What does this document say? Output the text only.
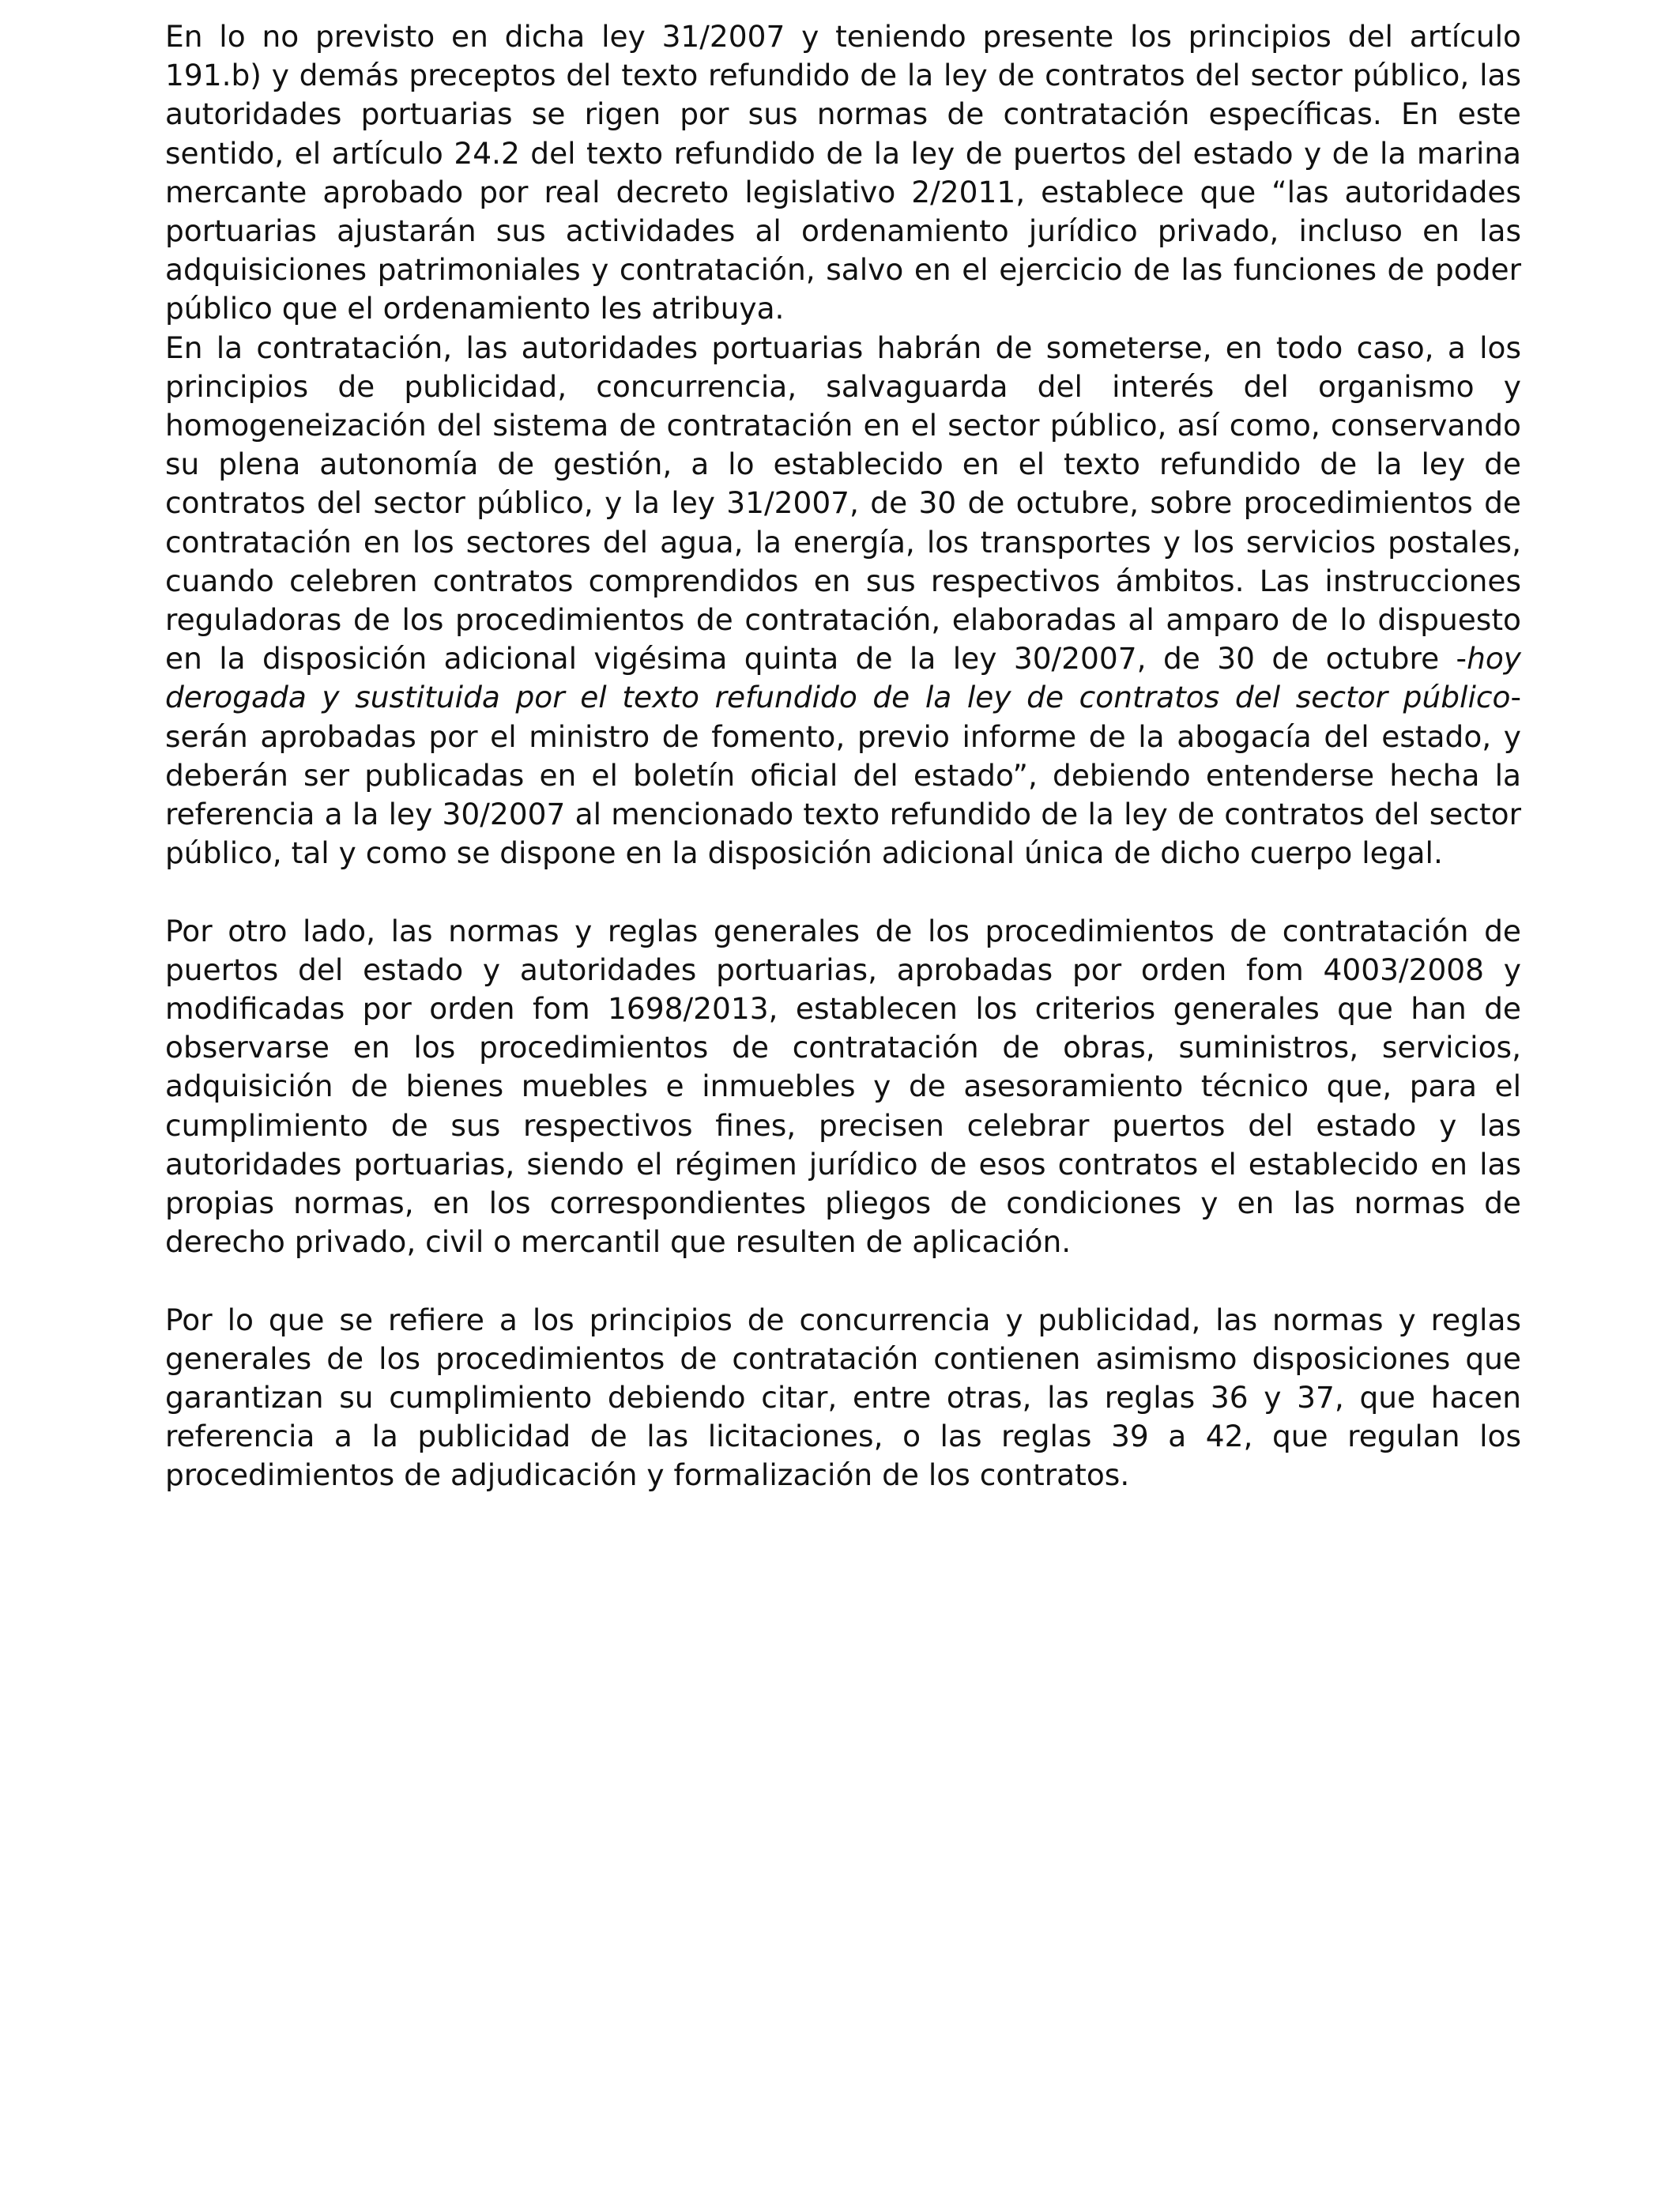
En lo no previsto en dicha ley 31/2007 y teniendo presente los principios del artículo 191.b) y demás preceptos del texto refundido de la ley de contratos del sector público, las autoridades portuarias se rigen por sus normas de contratación específicas. En este sentido, el artículo 24.2 del texto refundido de la ley de puertos del estado y de la marina mercante aprobado por real decreto legislativo 2/2011, establece que “las autoridades portuarias ajustarán sus actividades al ordenamiento jurídico privado, incluso en las adquisiciones patrimoniales y contratación, salvo en el ejercicio de las funciones de poder público que el ordenamiento les atribuya.

En la contratación, las autoridades portuarias habrán de someterse, en todo caso, a los principios de publicidad, concurrencia, salvaguarda del interés del organismo y homogeneización del sistema de contratación en el sector público, así como, conservando su plena autonomía de gestión, a lo establecido en el texto refundido de la ley de contratos del sector público, y la ley 31/2007, de 30 de octubre, sobre procedimientos de contratación en los sectores del agua, la energía, los transportes y los servicios postales, cuando celebren contratos comprendidos en sus respectivos ámbitos. Las instrucciones reguladoras de los procedimientos de contratación, elaboradas al amparo de lo dispuesto en la disposición adicional vigésima quinta de la ley 30/2007, de 30 de octubre -hoy derogada y sustituida por el texto refundido de la ley de contratos del sector público- serán aprobadas por el ministro de fomento, previo informe de la abogacía del estado, y deberán ser publicadas en el boletín oficial del estado”, debiendo entenderse hecha la referencia a la ley 30/2007 al mencionado texto refundido de la ley de contratos del sector público, tal y como se dispone en la disposición adicional única de dicho cuerpo legal.

Por otro lado, las normas y reglas generales de los procedimientos de contratación de puertos del estado y autoridades portuarias, aprobadas por orden fom 4003/2008 y modificadas por orden fom 1698/2013, establecen los criterios generales que han de observarse en los procedimientos de contratación de obras, suministros, servicios, adquisición de bienes muebles e inmuebles y de asesoramiento técnico que, para el cumplimiento de sus respectivos fines, precisen celebrar puertos del estado y las autoridades portuarias, siendo el régimen jurídico de esos contratos el establecido en las propias normas, en los correspondientes pliegos de condiciones y en las normas de derecho privado, civil o mercantil que resulten de aplicación.

Por lo que se refiere a los principios de concurrencia y publicidad, las normas y reglas generales de los procedimientos de contratación contienen asimismo disposiciones que garantizan su cumplimiento debiendo citar, entre otras, las reglas 36 y 37, que hacen referencia a la publicidad de las licitaciones, o las reglas 39 a 42, que regulan los procedimientos de adjudicación y formalización de los contratos.
